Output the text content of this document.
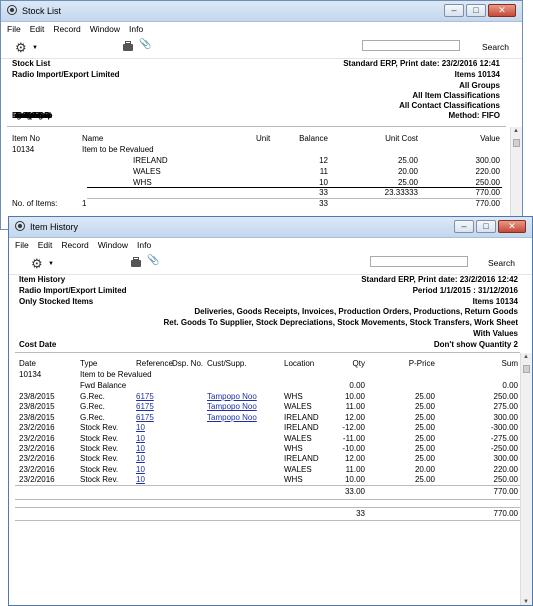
Stock List	–	□	✕
File Edit Record Window Info
⚙ ▼	📎	Search
Stock List
Radio Import/Export Limited
Standard ERP, Print date: 23/2/2016 12:41
Items 10134
All Groups
All Item Classifications
All Contact Classifications
Excluding Reserved Stock Including Quarantine Stock Excluding Goods Receipt	Method: FIFO
Item No	Name	Unit	Balance	Unit Cost	Value
10134	Item to be Revalued
IRELAND	12	25.00	300.00
WALES	11	20.00	220.00
WHS	10	25.00	250.00
33	23.33333	770.00
No. of Items:	1	33	770.00
▲
Item History	–	□	✕
File Edit Record Window Info
⚙ ▼	📎	Search
Item History
Radio Import/Export Limited
Only Stocked Items
Standard ERP, Print date: 23/2/2016 12:42
Period 1/1/2015 : 31/12/2016
Items 10134
Deliveries, Goods Receipts, Invoices, Production Orders, Productions, Return Goods
Ret. Goods To Supplier, Stock Depreciations, Stock Movements, Stock Transfers, Work Sheet
With Values
Cost Date	Don't show Quantity 2
Date	Type	Reference Dsp. No. Cust/Supp.	Location	Qty	P-Price	Sum
10134	Item to be Revalued
Fwd Balance	0.00	0.00
23/8/2015	G.Rec.	6175	Tampopo Noo	WHS	10.00	25.00	250.00
23/8/2015	G.Rec.	6175	Tampopo Noo	WALES	11.00	25.00	275.00
23/8/2015	G.Rec.	6175	Tampopo Noo	IRELAND	12.00	25.00	300.00
23/2/2016	Stock Rev. 10	IRELAND	-12.00	25.00	-300.00
23/2/2016	Stock Rev. 10	WALES	-11.00	25.00	-275.00
23/2/2016	Stock Rev. 10	WHS	-10.00	25.00	-250.00
23/2/2016	Stock Rev. 10	IRELAND	12.00	25.00	300.00
23/2/2016	Stock Rev. 10	WALES	11.00	20.00	220.00
23/2/2016	Stock Rev. 10	WHS	10.00	25.00	250.00
33.00	770.00
33	770.00
▲
▼
